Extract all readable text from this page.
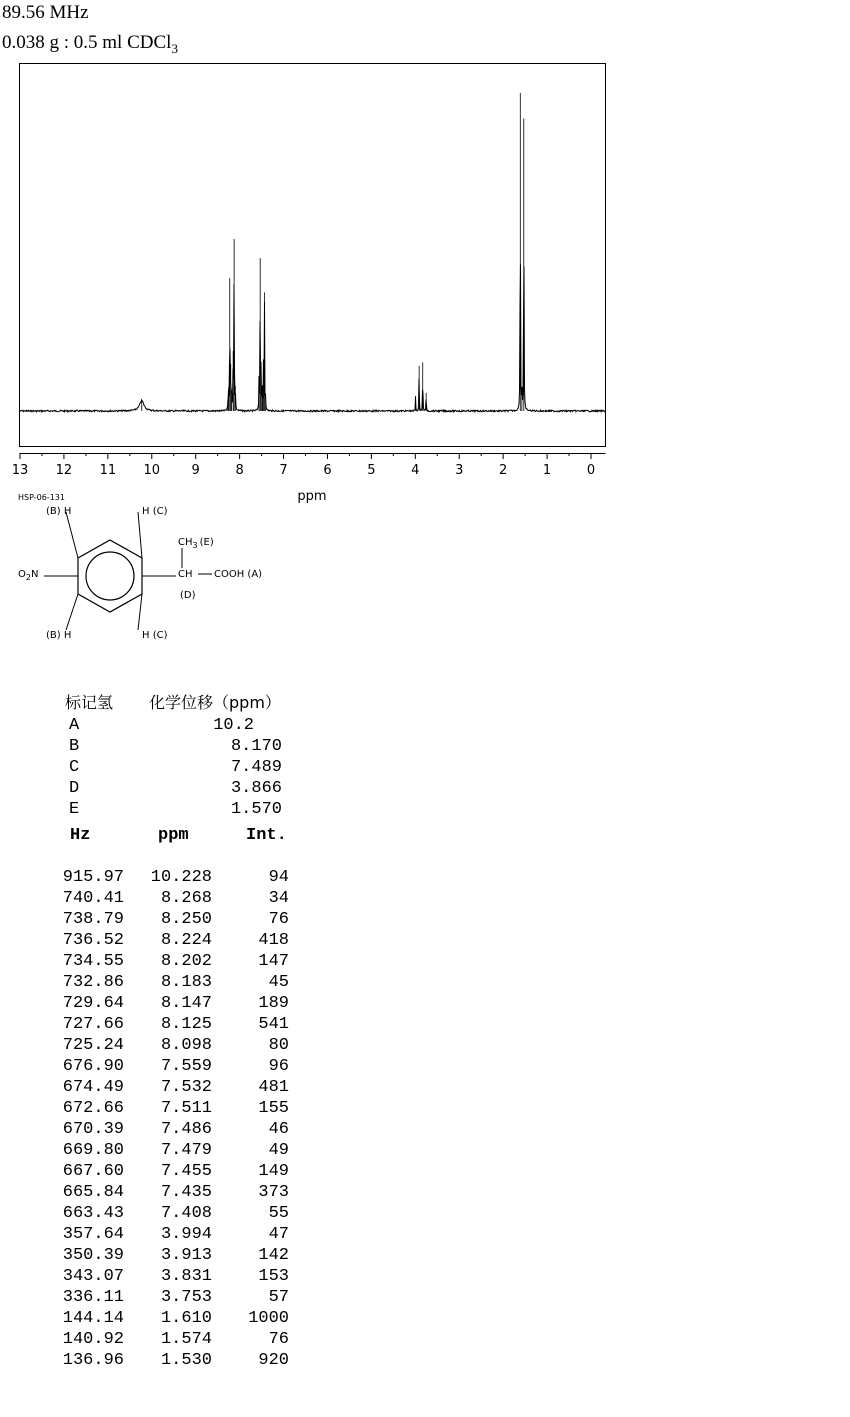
89.56 MHz
0.038 g : 0.5 ml CDCl$_3$
13 12 11 10 9	8	7	6	5	4	3	2	1	0
ppm
HSP-06-131
(B) H	H (C)
$CH_3$ (E)
$O_2N$	CH COOH (A)
(D)
(B) H	H (C)
标记氢 化学位移（ppm）
A	10.2
B	8.170
C	7.489
D	3.866
E	1.570
Hz	ppm	Int.
915.97	10.228	94
740.41	8.268	34
738.79	8.250	76
736.52	8.224	418
734.55	8.202	147
732.86	8.183	45
729.64	8.147	189
727.66	8.125	541
725.24	8.098	80
676.90	7.559	96
674.49	7.532	481
672.66	7.511	155
670.39	7.486	46
669.80	7.479	49
667.60	7.455	149
665.84	7.435	373
663.43	7.408	55
357.64	3.994	47
350.39	3.913	142
343.07	3.831	153
336.11	3.753	57
144.14	1.610	1000
140.92	1.574	76
136.96	1.530	920
